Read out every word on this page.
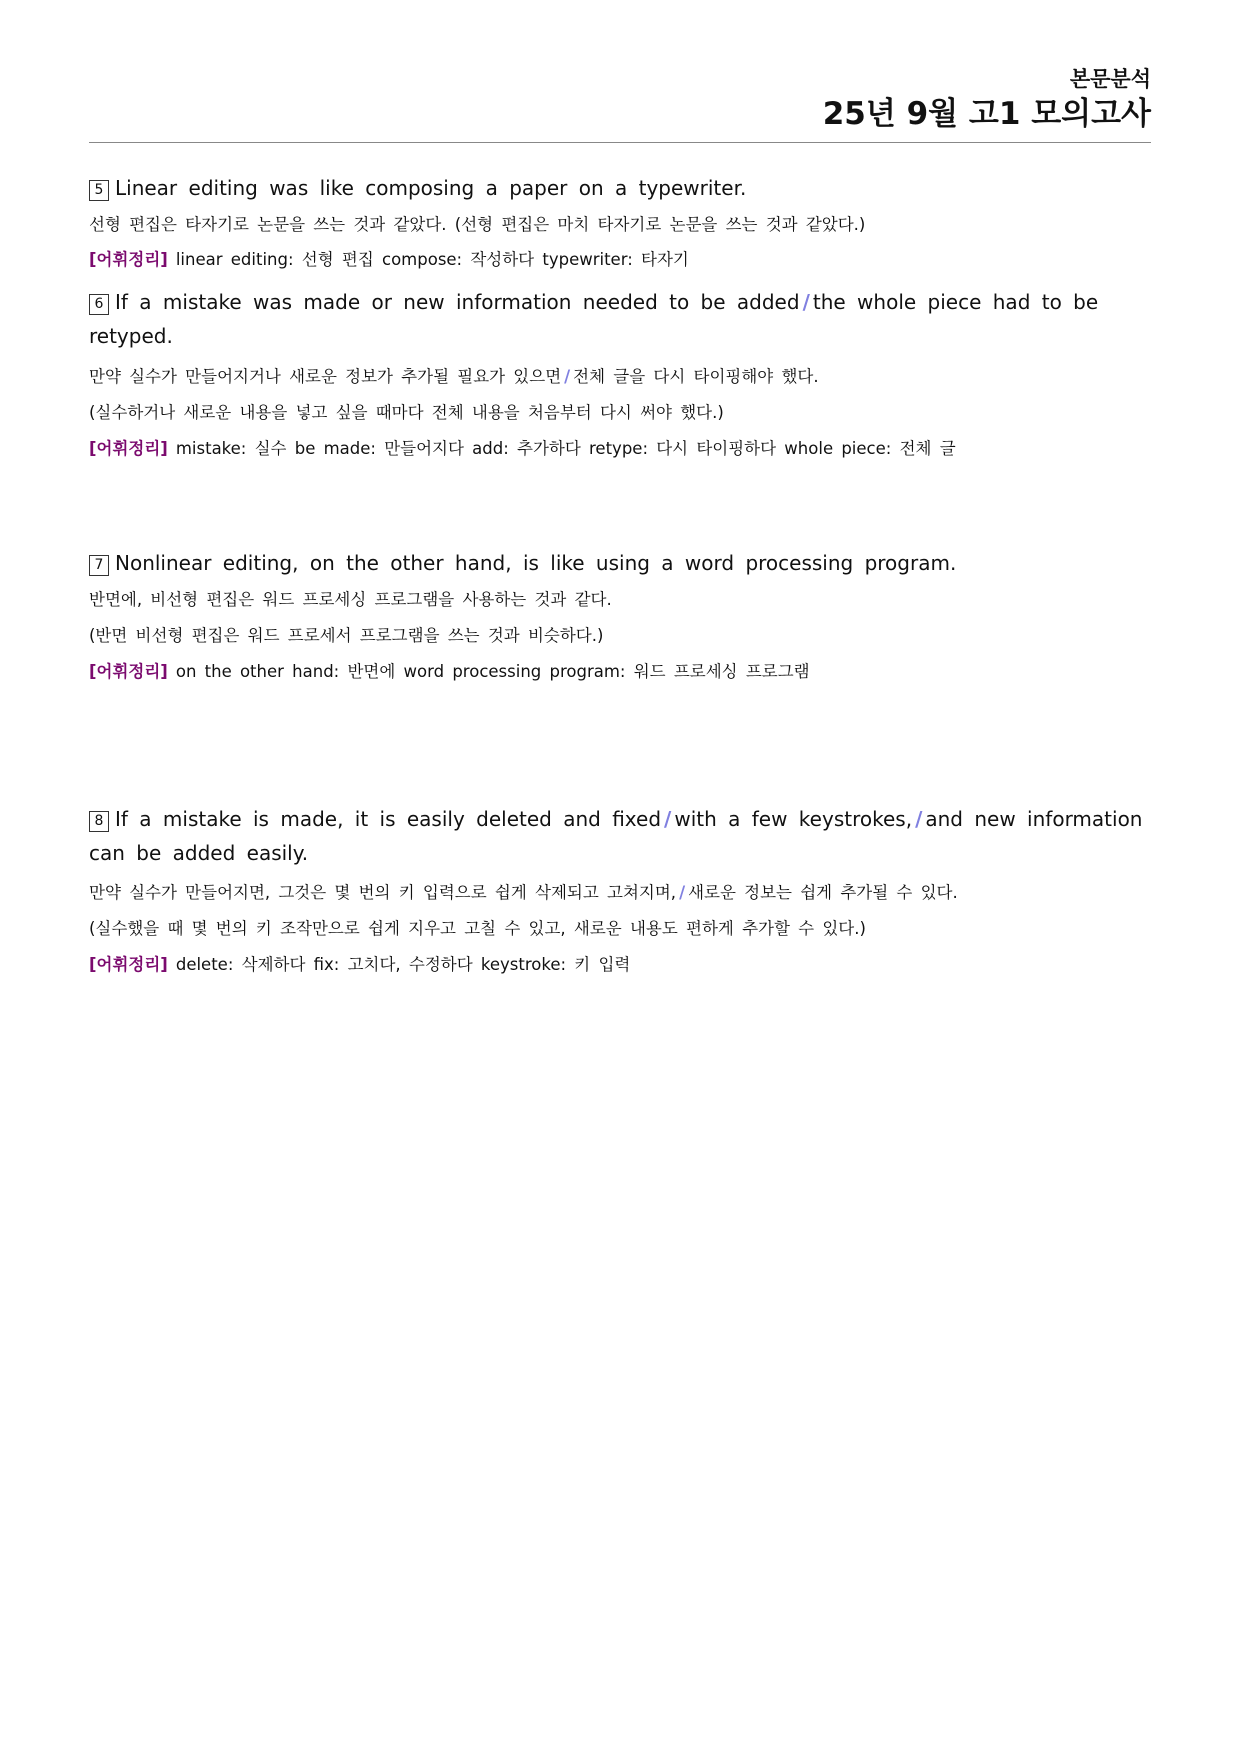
본문분석
25년 9월 고1 모의고사
5 Linear editing was like composing a paper on a typewriter.
선형 편집은 타자기로 논문을 쓰는 것과 같았다. (선형 편집은 마치 타자기로 논문을 쓰는 것과 같았다.)
[어휘정리] linear editing: 선형 편집 compose: 작성하다 typewriter: 타자기
6 If a mistake was made or new information needed to be added / the whole piece had to be retyped.
만약 실수가 만들어지거나 새로운 정보가 추가될 필요가 있으면 / 전체 글을 다시 타이핑해야 했다.
(실수하거나 새로운 내용을 넣고 싶을 때마다 전체 내용을 처음부터 다시 써야 했다.)
[어휘정리] mistake: 실수 be made: 만들어지다 add: 추가하다 retype: 다시 타이핑하다 whole piece: 전체 글
7 Nonlinear editing, on the other hand, is like using a word processing program.
반면에, 비선형 편집은 워드 프로세싱 프로그램을 사용하는 것과 같다.
(반면 비선형 편집은 워드 프로세서 프로그램을 쓰는 것과 비슷하다.)
[어휘정리] on the other hand: 반면에 word processing program: 워드 프로세싱 프로그램
8 If a mistake is made, it is easily deleted and fixed / with a few keystrokes, / and new information can be added easily.
만약 실수가 만들어지면, 그것은 몇 번의 키 입력으로 쉽게 삭제되고 고쳐지며, / 새로운 정보는 쉽게 추가될 수 있다.
(실수했을 때 몇 번의 키 조작만으로 쉽게 지우고 고칠 수 있고, 새로운 내용도 편하게 추가할 수 있다.)
[어휘정리] delete: 삭제하다 fix: 고치다, 수정하다 keystroke: 키 입력
